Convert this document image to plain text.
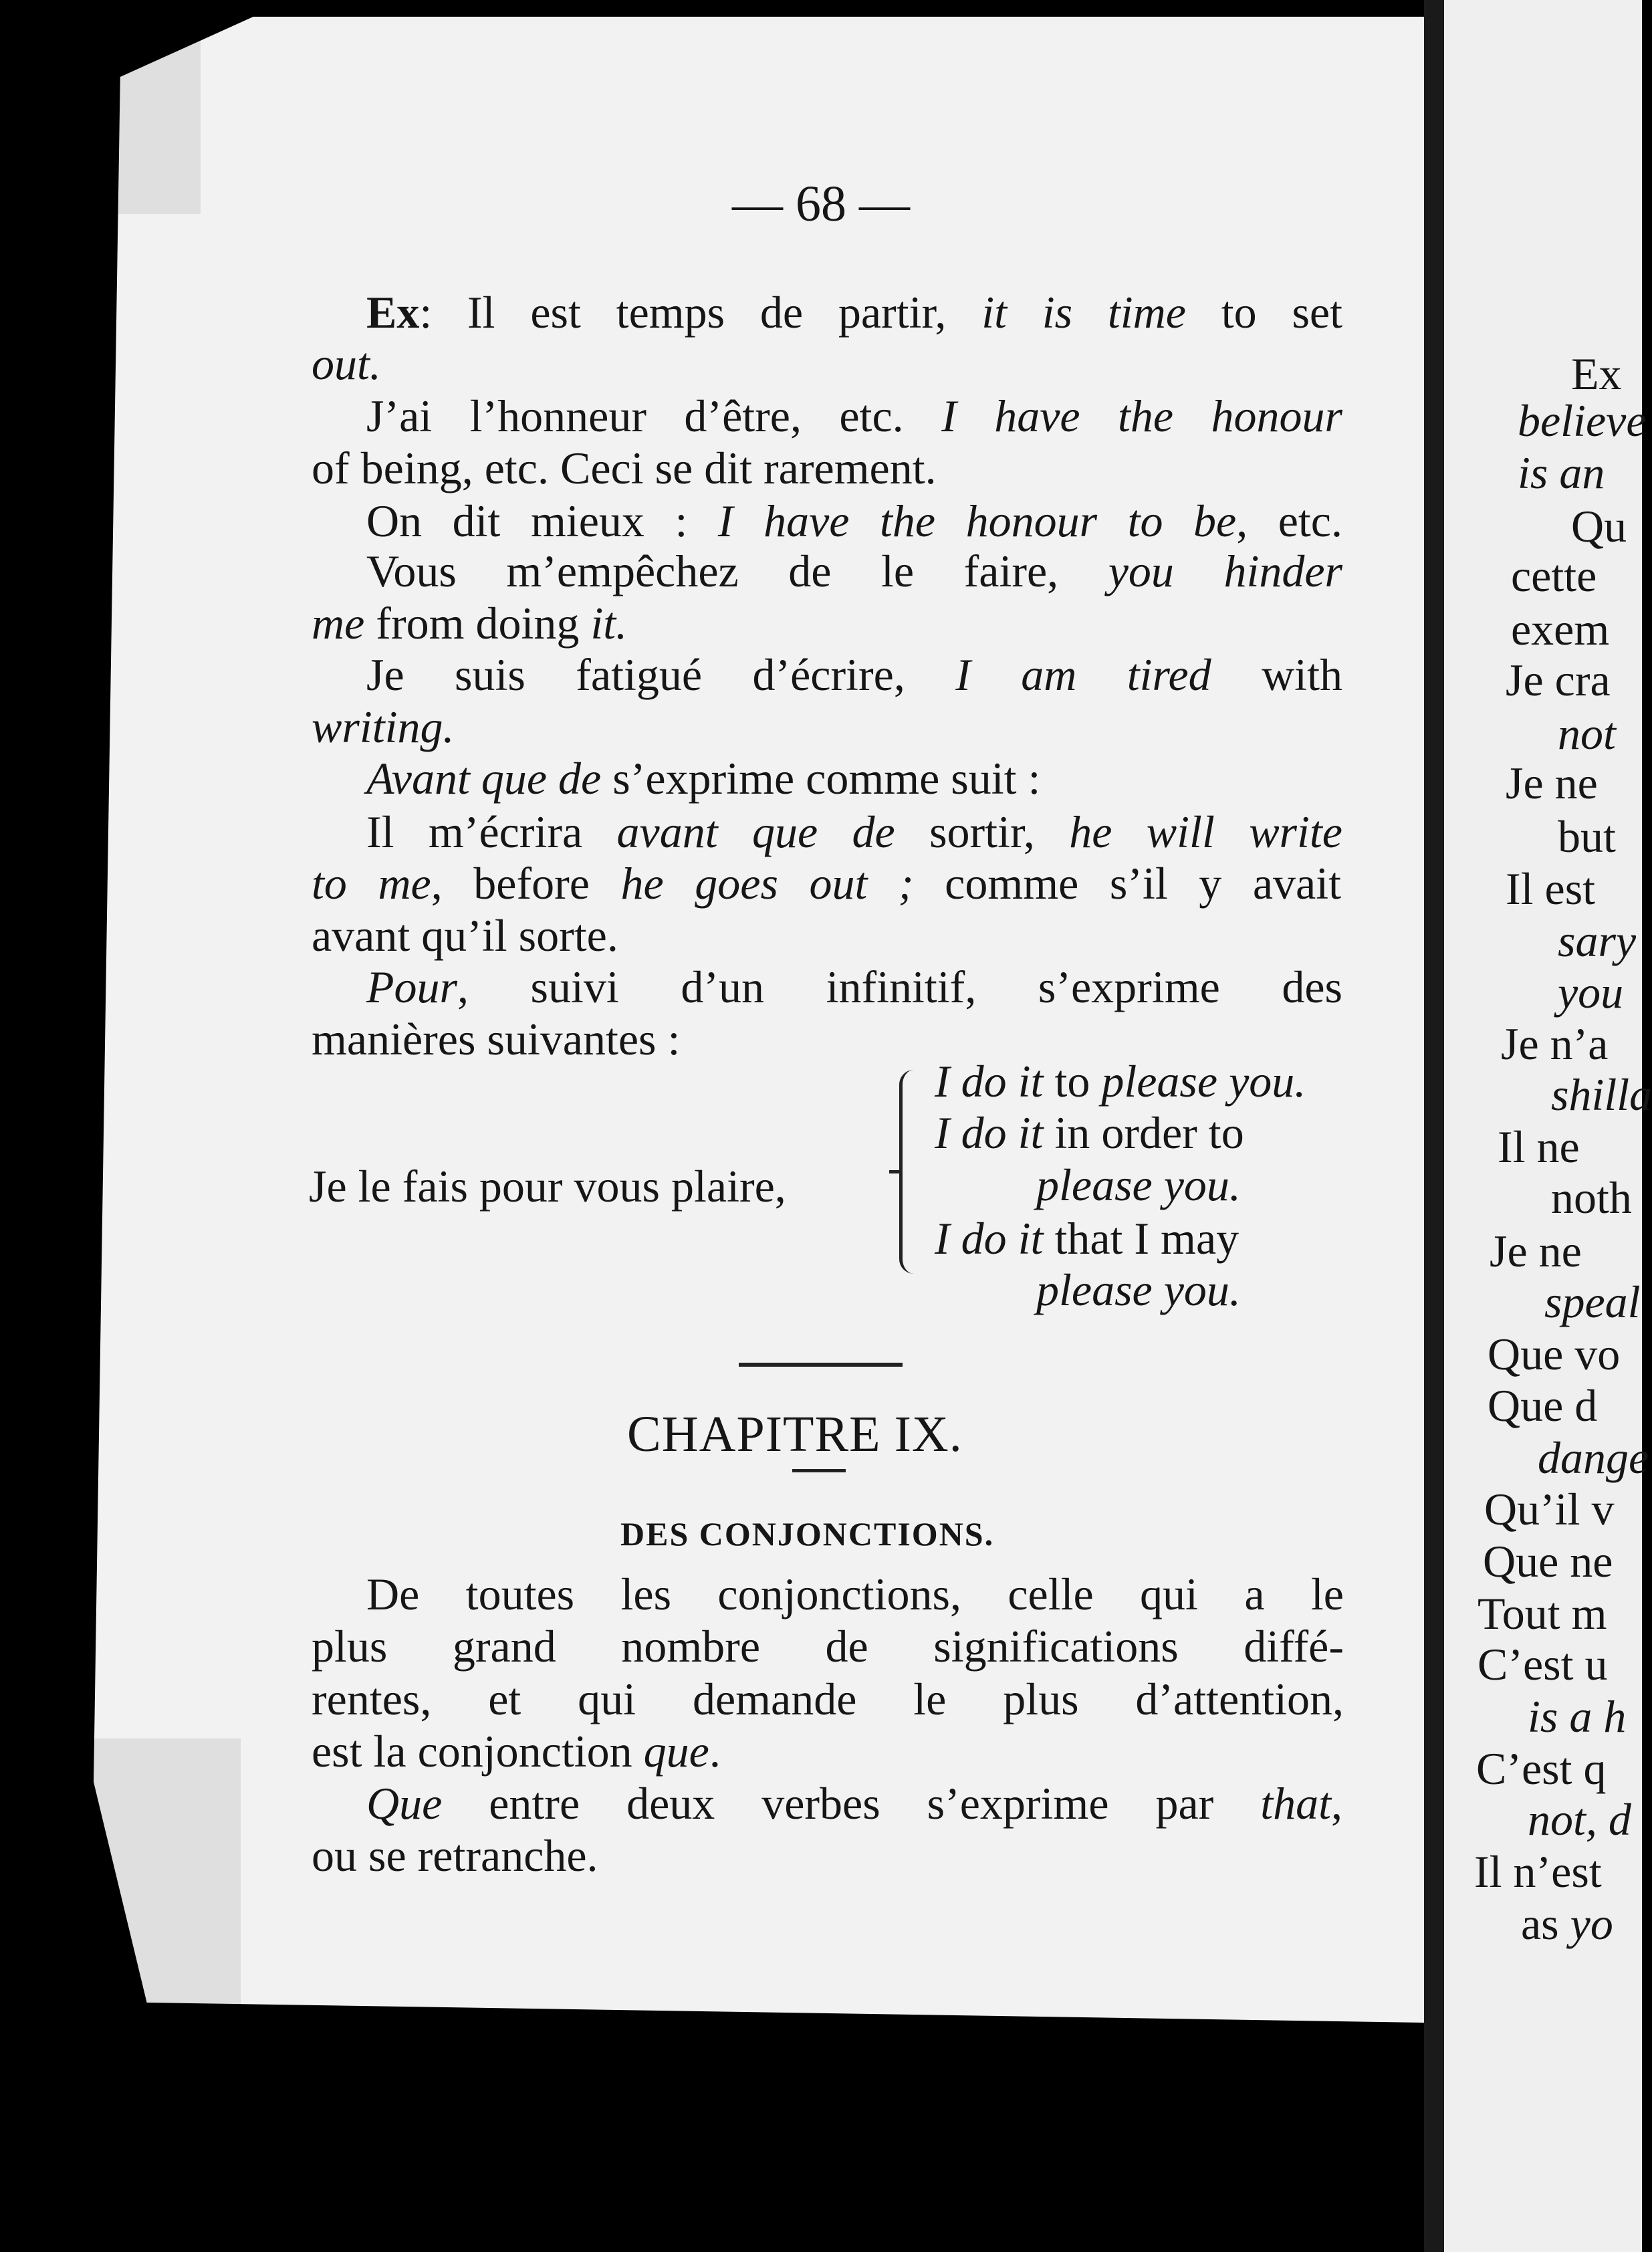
— 68 —
Ex: Il est temps de partir, it is time to set
out.
J’ai l’honneur d’être, etc. I have the honour
of being, etc. Ceci se dit rarement.
On dit mieux : I have the honour to be, etc.
Vous m’empêchez de le faire, you hinder
me from doing it.
Je suis fatigué d’écrire, I am tired with
writing.
Avant que de s’exprime comme suit :
Il m’écrira avant que de sortir, he will write
to me, before he goes out ; comme s’il y avait
avant qu’il sorte.
Pour, suivi d’un infinitif, s’exprime des
manières suivantes :
Je le fais pour vous plaire,
I do it to please you.
I do it in order to
please you.
I do it that I may
please you.
CHAPITRE IX.
DES CONJONCTIONS.
De toutes les conjonctions, celle qui a le
plus grand nombre de significations diffé-
rentes, et qui demande le plus d’attention,
est la conjonction que.
Que entre deux verbes s’exprime par that,
ou se retranche.
Ex
believe
is an
Qu
cette
exem
Je cra
not
Je ne
but
Il est
sary
you
Je n’a
shilla
Il ne
noth
Je ne
speal
Que vo
Que d
dange
Qu’il v
Que ne
Tout m
C’est u
is a h
C’est q
not, d
Il n’est
as yo
